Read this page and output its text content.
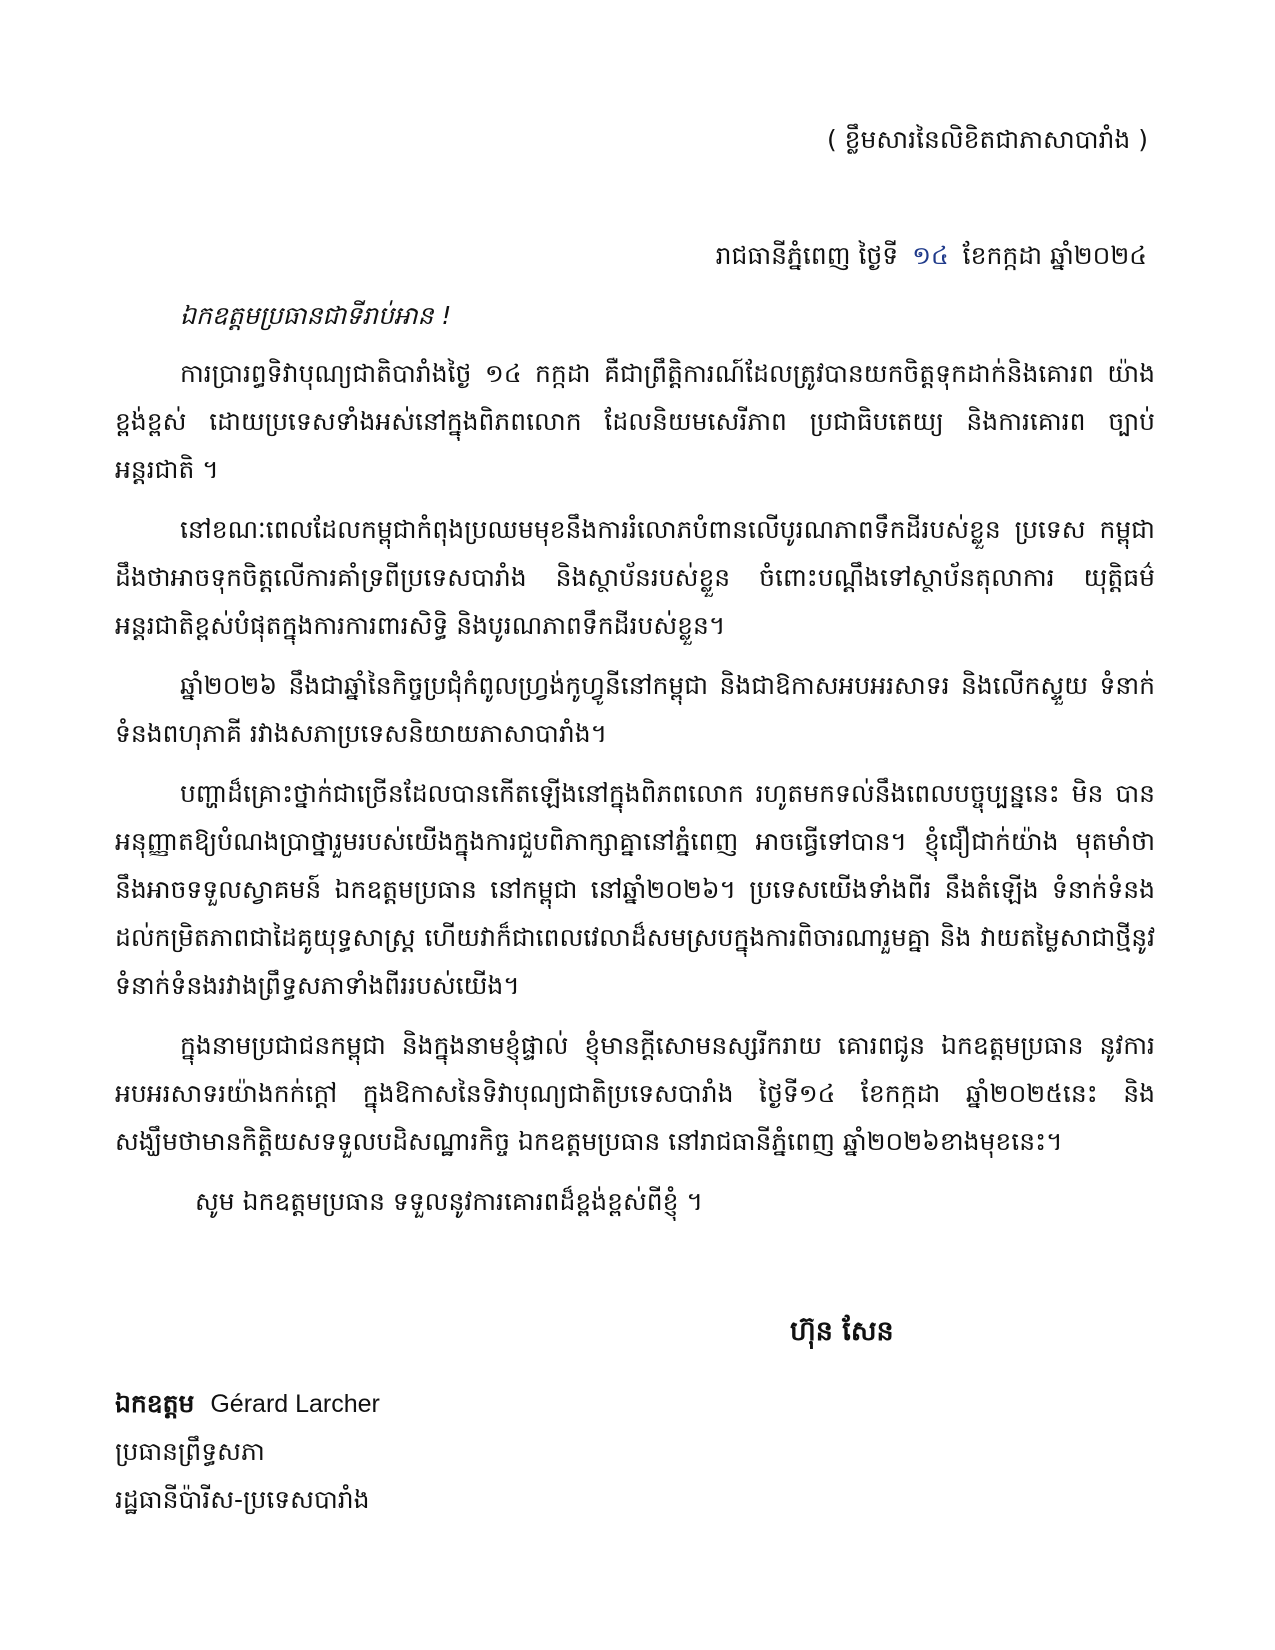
( ខ្លឹមសារនៃលិខិតជាភាសាបារាំង )
រាជធានីភ្នំពេញ ថ្ងៃទី ១៤ ខែកក្កដា ឆ្នាំ២០២៤
ឯកឧត្តមប្រធានជាទីរាប់អាន !

ការប្រារព្ធទិវាបុណ្យជាតិបារាំងថ្ងៃ ១៤ កក្កដា គឺជាព្រឹត្តិការណ៍ដែលត្រូវបានយកចិត្តទុកដាក់និងគោរព យ៉ាងខ្ពង់ខ្ពស់ ដោយប្រទេសទាំងអស់នៅក្នុងពិភពលោក ដែលនិយមសេរីភាព ប្រជាធិបតេយ្យ និងការគោរព ច្បាប់អន្តរជាតិ ។

នៅខណៈពេលដែលកម្ពុជាកំពុងប្រឈមមុខនឹងការរំលោភបំពានលើបូរណភាពទឹកដីរបស់ខ្លួន ប្រទេស កម្ពុជាដឹងថាអាចទុកចិត្តលើការគាំទ្រពីប្រទេសបារាំង និងស្ថាប័នរបស់ខ្លួន ចំពោះបណ្តឹងទៅស្ថាប័នតុលាការ យុត្តិធម៌អន្តរជាតិខ្ពស់បំផុតក្នុងការការពារសិទ្ធិ និងបូរណភាពទឹកដីរបស់ខ្លួន។

ឆ្នាំ២០២៦ នឹងជាឆ្នាំនៃកិច្ចប្រជុំកំពូលហ្វ្រង់កូហ្វូនីនៅកម្ពុជា និងជាឱកាសអបអរសាទរ និងលើកស្ទួយ ទំនាក់ទំនងពហុភាគី រវាងសភាប្រទេសនិយាយភាសាបារាំង។

បញ្ហាដ៏គ្រោះថ្នាក់ជាច្រើនដែលបានកើតឡើងនៅក្នុងពិភពលោក រហូតមកទល់នឹងពេលបច្ចុប្បន្ននេះ មិន បានអនុញ្ញាតឱ្យបំណងប្រាថ្នារួមរបស់យើងក្នុងការជួបពិភាក្សាគ្នានៅភ្នំពេញ អាចធ្វើទៅបាន។ ខ្ញុំជឿជាក់យ៉ាង មុតមាំថានឹងអាចទទួលស្វាគមន៍ ឯកឧត្តមប្រធាន នៅកម្ពុជា នៅឆ្នាំ២០២៦។ ប្រទេសយើងទាំងពីរ នឹងតំឡើង ទំនាក់ទំនងដល់កម្រិតភាពជាដៃគូយុទ្ធសាស្ត្រ ហើយវាក៏ជាពេលវេលាដ៏សមស្របក្នុងការពិចារណារួមគ្នា និង វាយតម្លៃសាជាថ្មីនូវទំនាក់ទំនងរវាងព្រឹទ្ធសភាទាំងពីររបស់យើង។

ក្នុងនាមប្រជាជនកម្ពុជា និងក្នុងនាមខ្ញុំផ្ទាល់ ខ្ញុំមានក្តីសោមនស្សរីករាយ គោរពជូន ឯកឧត្តមប្រធាន នូវការ អបអរសាទរយ៉ាងកក់ក្តៅ ក្នុងឱកាសនៃទិវាបុណ្យជាតិប្រទេសបារាំង ថ្ងៃទី១៤ ខែកក្កដា ឆ្នាំ២០២៥នេះ និង សង្ឃឹមថាមានកិត្តិយសទទួលបដិសណ្ឋារកិច្ច ឯកឧត្តមប្រធាន នៅរាជធានីភ្នំពេញ ឆ្នាំ២០២៦ខាងមុខនេះ។

សូម ឯកឧត្តមប្រធាន ទទួលនូវការគោរពដ៏ខ្ពង់ខ្ពស់ពីខ្ញុំ ។

ហ៊ុន សែន
ឯកឧត្តម Gérard Larcher
ប្រធានព្រឹទ្ធសភា
រដ្ឋធានីប៉ារីស-ប្រទេសបារាំង
